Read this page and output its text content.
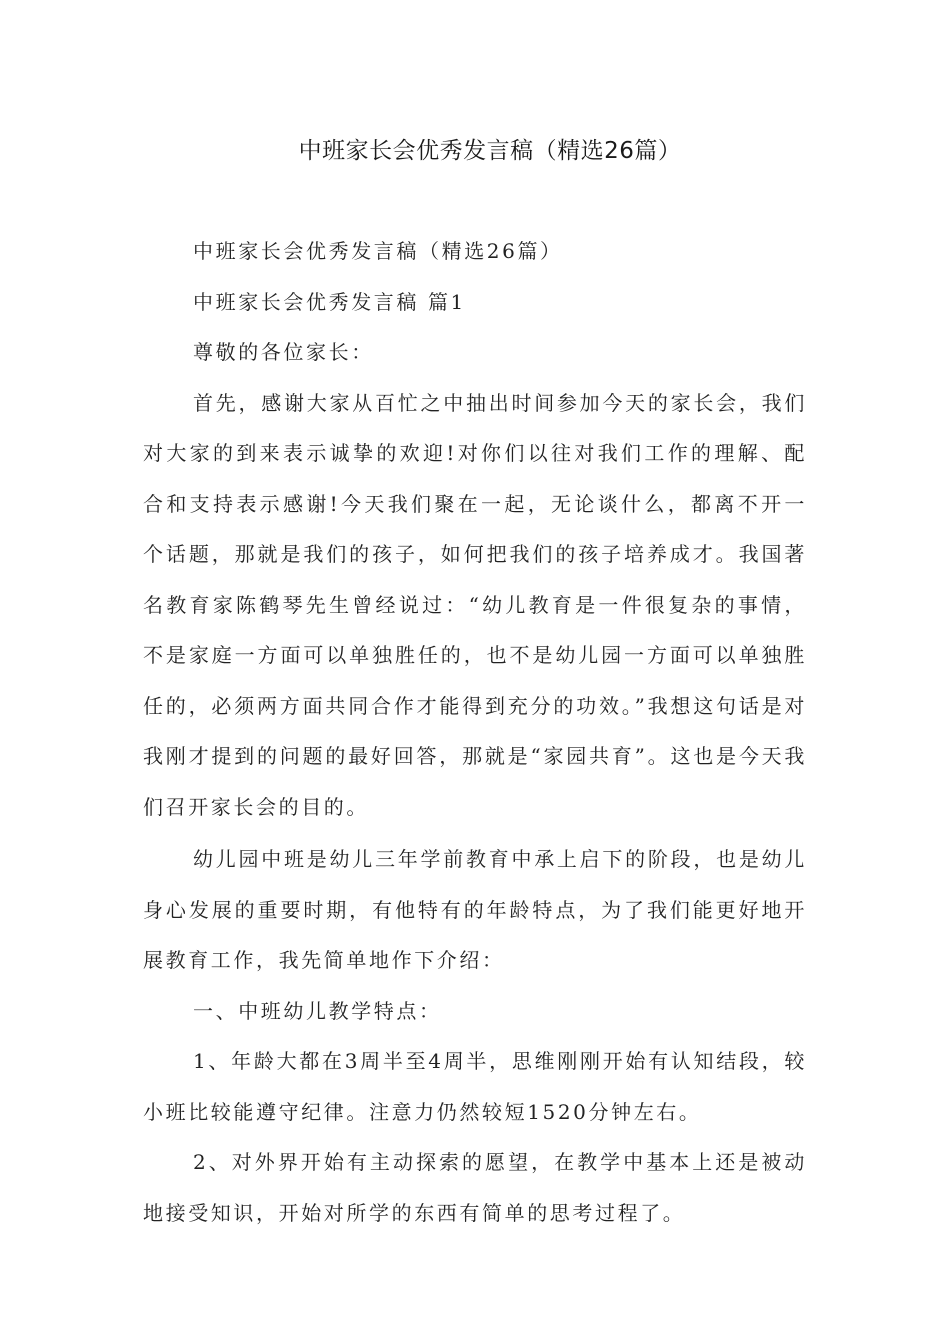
中班家长会优秀发言稿（精选26篇）

中班家长会优秀发言稿（精选26篇）

中班家长会优秀发言稿 篇1

尊敬的各位家长：

首先，感谢大家从百忙之中抽出时间参加今天的家长会，我们对大家的到来表示诚挚的欢迎!对你们以往对我们工作的理解、配合和支持表示感谢!今天我们聚在一起，无论谈什么，都离不开一个话题，那就是我们的孩子，如何把我们的孩子培养成才。我国著名教育家陈鹤琴先生曾经说过：“幼儿教育是一件很复杂的事情，不是家庭一方面可以单独胜任的，也不是幼儿园一方面可以单独胜任的，必须两方面共同合作才能得到充分的功效。”我想这句话是对我刚才提到的问题的最好回答，那就是“家园共育”。这也是今天我们召开家长会的目的。

幼儿园中班是幼儿三年学前教育中承上启下的阶段，也是幼儿身心发展的重要时期，有他特有的年龄特点，为了我们能更好地开展教育工作，我先简单地作下介绍：

一、中班幼儿教学特点：

1、年龄大都在3周半至4周半，思维刚刚开始有认知结段，较小班比较能遵守纪律。注意力仍然较短1520分钟左右。

2、对外界开始有主动探索的愿望，在教学中基本上还是被动地接受知识，开始对所学的东西有简单的思考过程了。
